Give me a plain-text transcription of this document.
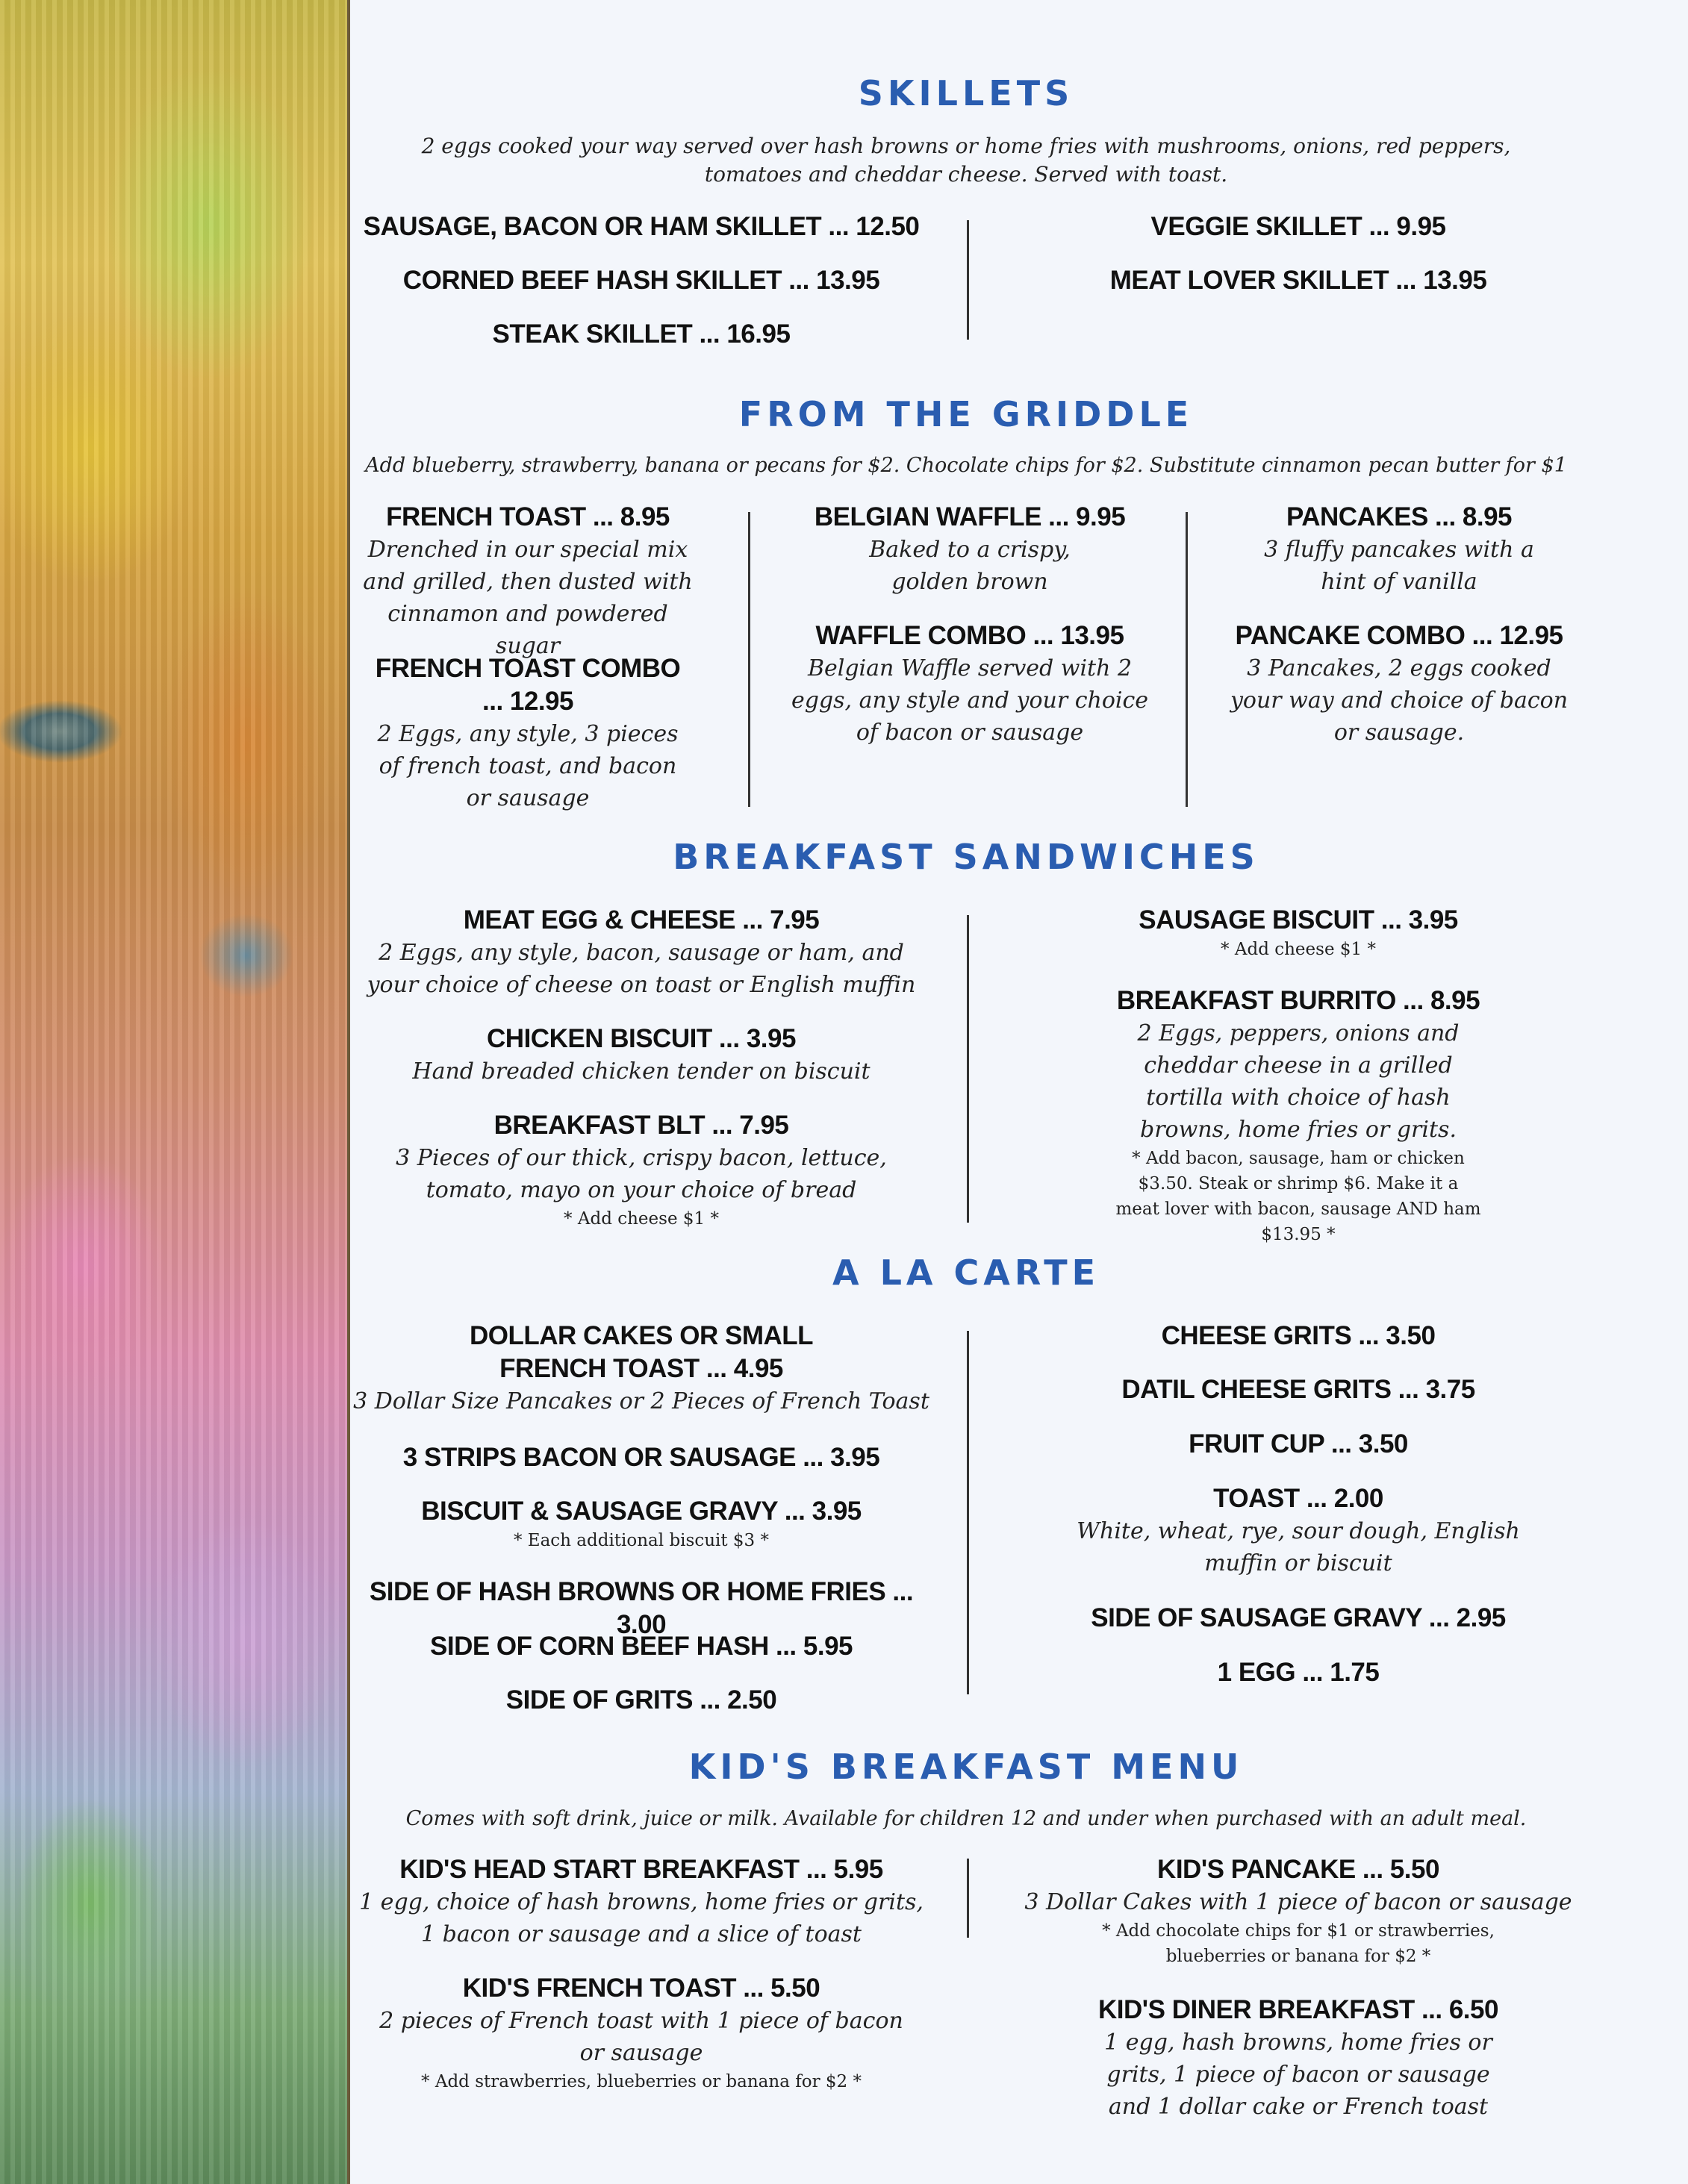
SKILLETS
2 eggs cooked your way served over hash browns or home fries with mushrooms, onions, red peppers, tomatoes and cheddar cheese. Served with toast.
SAUSAGE, BACON OR HAM SKILLET ... 12.50
CORNED BEEF HASH SKILLET ... 13.95
STEAK SKILLET ... 16.95
VEGGIE SKILLET ... 9.95
MEAT LOVER SKILLET ... 13.95
FROM THE GRIDDLE
Add blueberry, strawberry, banana or pecans for $2. Chocolate chips for $2. Substitute cinnamon pecan butter for $1
FRENCH TOAST ... 8.95
Drenched in our special mix and grilled, then dusted with cinnamon and powdered sugar
FRENCH TOAST COMBO ... 12.95
2 Eggs, any style, 3 pieces of french toast, and bacon or sausage
BELGIAN WAFFLE ... 9.95
Baked to a crispy, golden brown
WAFFLE COMBO ... 13.95
Belgian Waffle served with 2 eggs, any style and your choice of bacon or sausage
PANCAKES ... 8.95
3 fluffy pancakes with a hint of vanilla
PANCAKE COMBO ... 12.95
3 Pancakes, 2 eggs cooked your way and choice of bacon or sausage.
BREAKFAST SANDWICHES
MEAT EGG & CHEESE ... 7.95
2 Eggs, any style, bacon, sausage or ham, and your choice of cheese on toast or English muffin
CHICKEN BISCUIT ... 3.95
Hand breaded chicken tender on biscuit
BREAKFAST BLT ... 7.95
3 Pieces of our thick, crispy bacon, lettuce, tomato, mayo on your choice of bread
* Add cheese $1 *
SAUSAGE BISCUIT ... 3.95
* Add cheese $1 *
BREAKFAST BURRITO ... 8.95
2 Eggs, peppers, onions and cheddar cheese in a grilled tortilla with choice of hash browns, home fries or grits.
* Add bacon, sausage, ham or chicken $3.50. Steak or shrimp $6. Make it a meat lover with bacon, sausage AND ham $13.95 *
A LA CARTE
DOLLAR CAKES OR SMALL FRENCH TOAST ... 4.95
3 Dollar Size Pancakes or 2 Pieces of French Toast
3 STRIPS BACON OR SAUSAGE ... 3.95
BISCUIT & SAUSAGE GRAVY ... 3.95
* Each additional biscuit $3 *
SIDE OF HASH BROWNS OR HOME FRIES ... 3.00
SIDE OF CORN BEEF HASH ... 5.95
SIDE OF GRITS ... 2.50
CHEESE GRITS ... 3.50
DATIL CHEESE GRITS ... 3.75
FRUIT CUP ... 3.50
TOAST ... 2.00
White, wheat, rye, sour dough, English muffin or biscuit
SIDE OF SAUSAGE GRAVY ... 2.95
1 EGG ... 1.75
KID'S BREAKFAST MENU
Comes with soft drink, juice or milk. Available for children 12 and under when purchased with an adult meal.
KID'S HEAD START BREAKFAST ... 5.95
1 egg, choice of hash browns, home fries or grits, 1 bacon or sausage and a slice of toast
KID'S FRENCH TOAST ... 5.50
2 pieces of French toast with 1 piece of bacon or sausage
* Add strawberries, blueberries or banana for $2 *
KID'S PANCAKE ... 5.50
3 Dollar Cakes with 1 piece of bacon or sausage
* Add chocolate chips for $1 or strawberries, blueberries or banana for $2 *
KID'S DINER BREAKFAST ... 6.50
1 egg, hash browns, home fries or grits, 1 piece of bacon or sausage and 1 dollar cake or French toast
